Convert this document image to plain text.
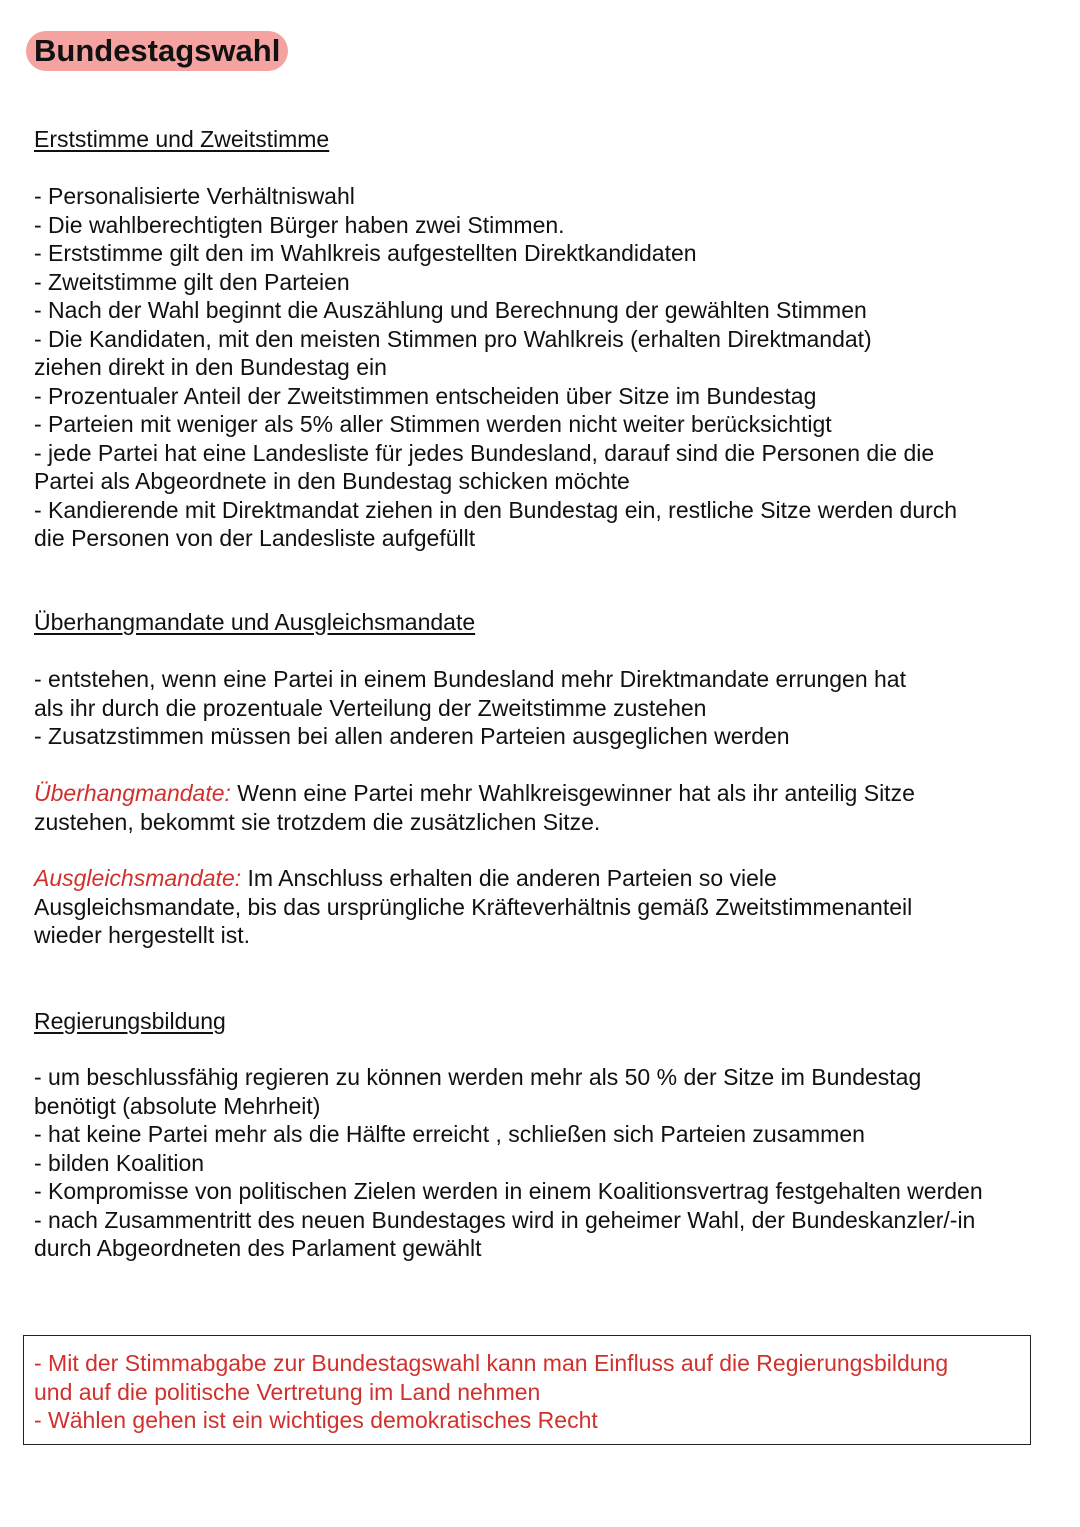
Bundestagswahl
Erststimme und Zweitstimme

- Personalisierte Verhältniswahl

- Die wahlberechtigten Bürger haben zwei Stimmen.

- Erststimme gilt den im Wahlkreis aufgestellten Direktkandidaten

- Zweitstimme gilt den Parteien

- Nach der Wahl beginnt die Auszählung und Berechnung der gewählten Stimmen

- Die Kandidaten, mit den meisten Stimmen pro Wahlkreis (erhalten Direktmandat)

ziehen direkt in den Bundestag ein

- Prozentualer Anteil der Zweitstimmen entscheiden über Sitze im Bundestag

- Parteien mit weniger als 5% aller Stimmen werden nicht weiter berücksichtigt

- jede Partei hat eine Landesliste für jedes Bundesland, darauf sind die Personen die die

Partei als Abgeordnete in den Bundestag schicken möchte

- Kandierende mit Direktmandat ziehen in den Bundestag ein, restliche Sitze werden durch

die Personen von der Landesliste aufgefüllt

Überhangmandate und Ausgleichsmandate

- entstehen, wenn eine Partei in einem Bundesland mehr Direktmandate errungen hat

als ihr durch die prozentuale Verteilung der Zweitstimme zustehen

- Zusatzstimmen müssen bei allen anderen Parteien ausgeglichen werden

Überhangmandate: Wenn eine Partei mehr Wahlkreisgewinner hat als ihr anteilig Sitze

zustehen, bekommt sie trotzdem die zusätzlichen Sitze.

Ausgleichsmandate: Im Anschluss erhalten die anderen Parteien so viele

Ausgleichsmandate, bis das ursprüngliche Kräfteverhältnis gemäß Zweitstimmenanteil

wieder hergestellt ist.

Regierungsbildung

- um beschlussfähig regieren zu können werden mehr als 50 % der Sitze im Bundestag

benötigt (absolute Mehrheit)

- hat keine Partei mehr als die Hälfte erreicht , schließen sich Parteien zusammen

- bilden Koalition

- Kompromisse von politischen Zielen werden in einem Koalitionsvertrag festgehalten werden

- nach Zusammentritt des neuen Bundestages wird in geheimer Wahl, der Bundeskanzler/-in

durch Abgeordneten des Parlament gewählt

- Mit der Stimmabgabe zur Bundestagswahl kann man Einfluss auf die Regierungsbildung

und auf die politische Vertretung im Land nehmen

- Wählen gehen ist ein wichtiges demokratisches Recht
